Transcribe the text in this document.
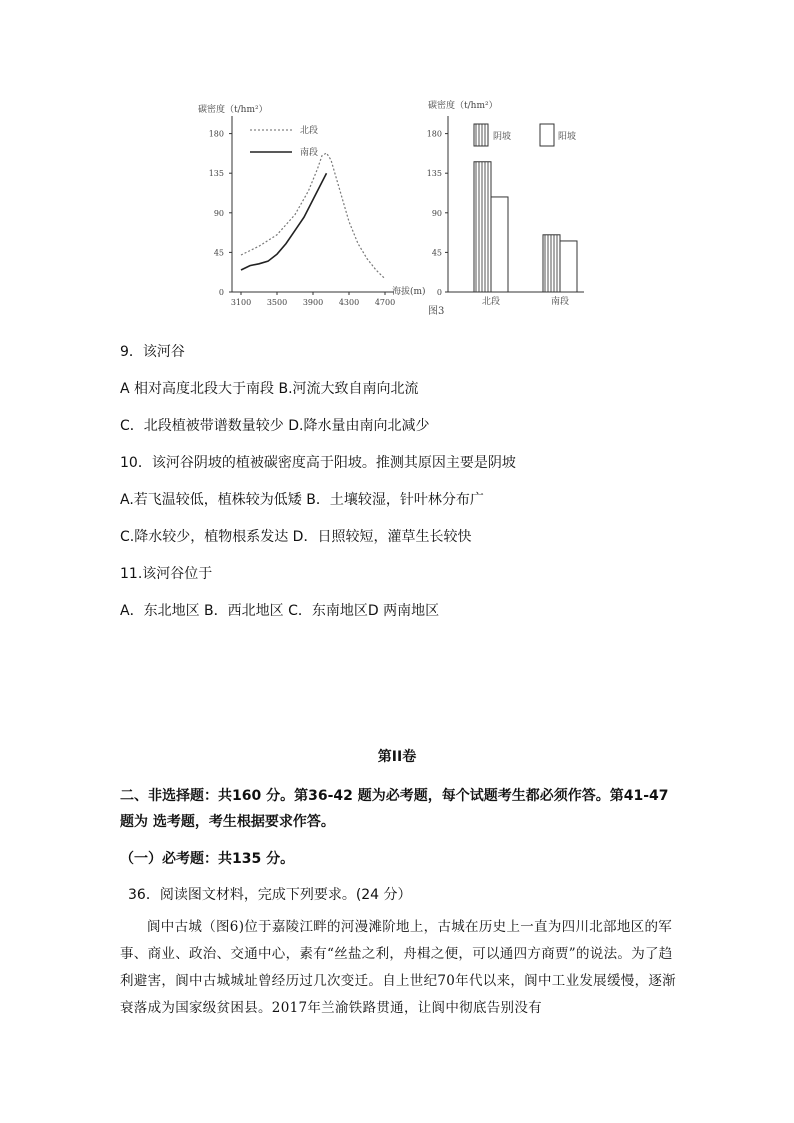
碳密度（t/hm²）
海拔(m)
北段
南段
0
45
90
135
180
3100 3500 3900 4300 4700
碳密度（t/hm²）
阴坡	阳坡
0
45
90
135
180
北段	南段
图3
9．该河谷
A 相对高度北段大于南段 B.河流大致自南向北流
C．北段植被带谱数量较少 D.降水量由南向北减少
10．该河谷阴坡的植被碳密度高于阳坡。推测其原因主要是阴坡
A.若飞温较低，植株较为低矮 B．土壤较湿，针叶林分布广
C.降水较少，植物根系发达 D．日照较短，灌草生长较快
11.该河谷位于
A．东北地区 B．西北地区 C．东南地区D 两南地区
第II卷
二、非选择题：共160 分。第36-42 题为必考题，每个试题考生都必须作答。第41-47
题为 选考题，考生根据要求作答。
（一）必考题：共135 分。
36．阅读图文材料，完成下列要求。(24 分）
阆中古城（图6)位于嘉陵江畔的河漫滩阶地上，古城在历史上一直为四川北部地区的军事、商业、政治、交通中心，素有“丝盐之利，舟楫之便，可以通四方商贾”的说法。为了趋利避害，阆中古城城址曾经历过几次变迁。自上世纪70年代以来，阆中工业发展缓慢，逐渐衰落成为国家级贫困县。2017年兰渝铁路贯通，让阆中彻底告别没有
